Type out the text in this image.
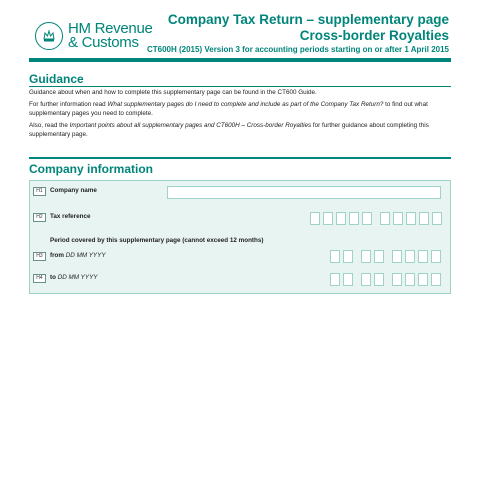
HM Revenue
& Customs
Company Tax Return – supplementary page
Cross-border Royalties
CT600H (2015) Version 3 for accounting periods starting on or after 1 April 2015
Guidance
Guidance about when and how to complete this supplementary page can be found in the CT600 Guide.
For further information read What supplementary pages do I need to complete and include as part of the Company Tax Return? to find out what supplementary pages you need to complete.
Also, read the Important points about all supplementary pages and CT600H – Cross-border Royalties for further guidance about completing this supplementary page.
Company information
H1	Company name
H2	Tax reference
Period covered by this supplementary page (cannot exceed 12 months)
H3	from DD MM YYYY
H4	to DD MM YYYY
